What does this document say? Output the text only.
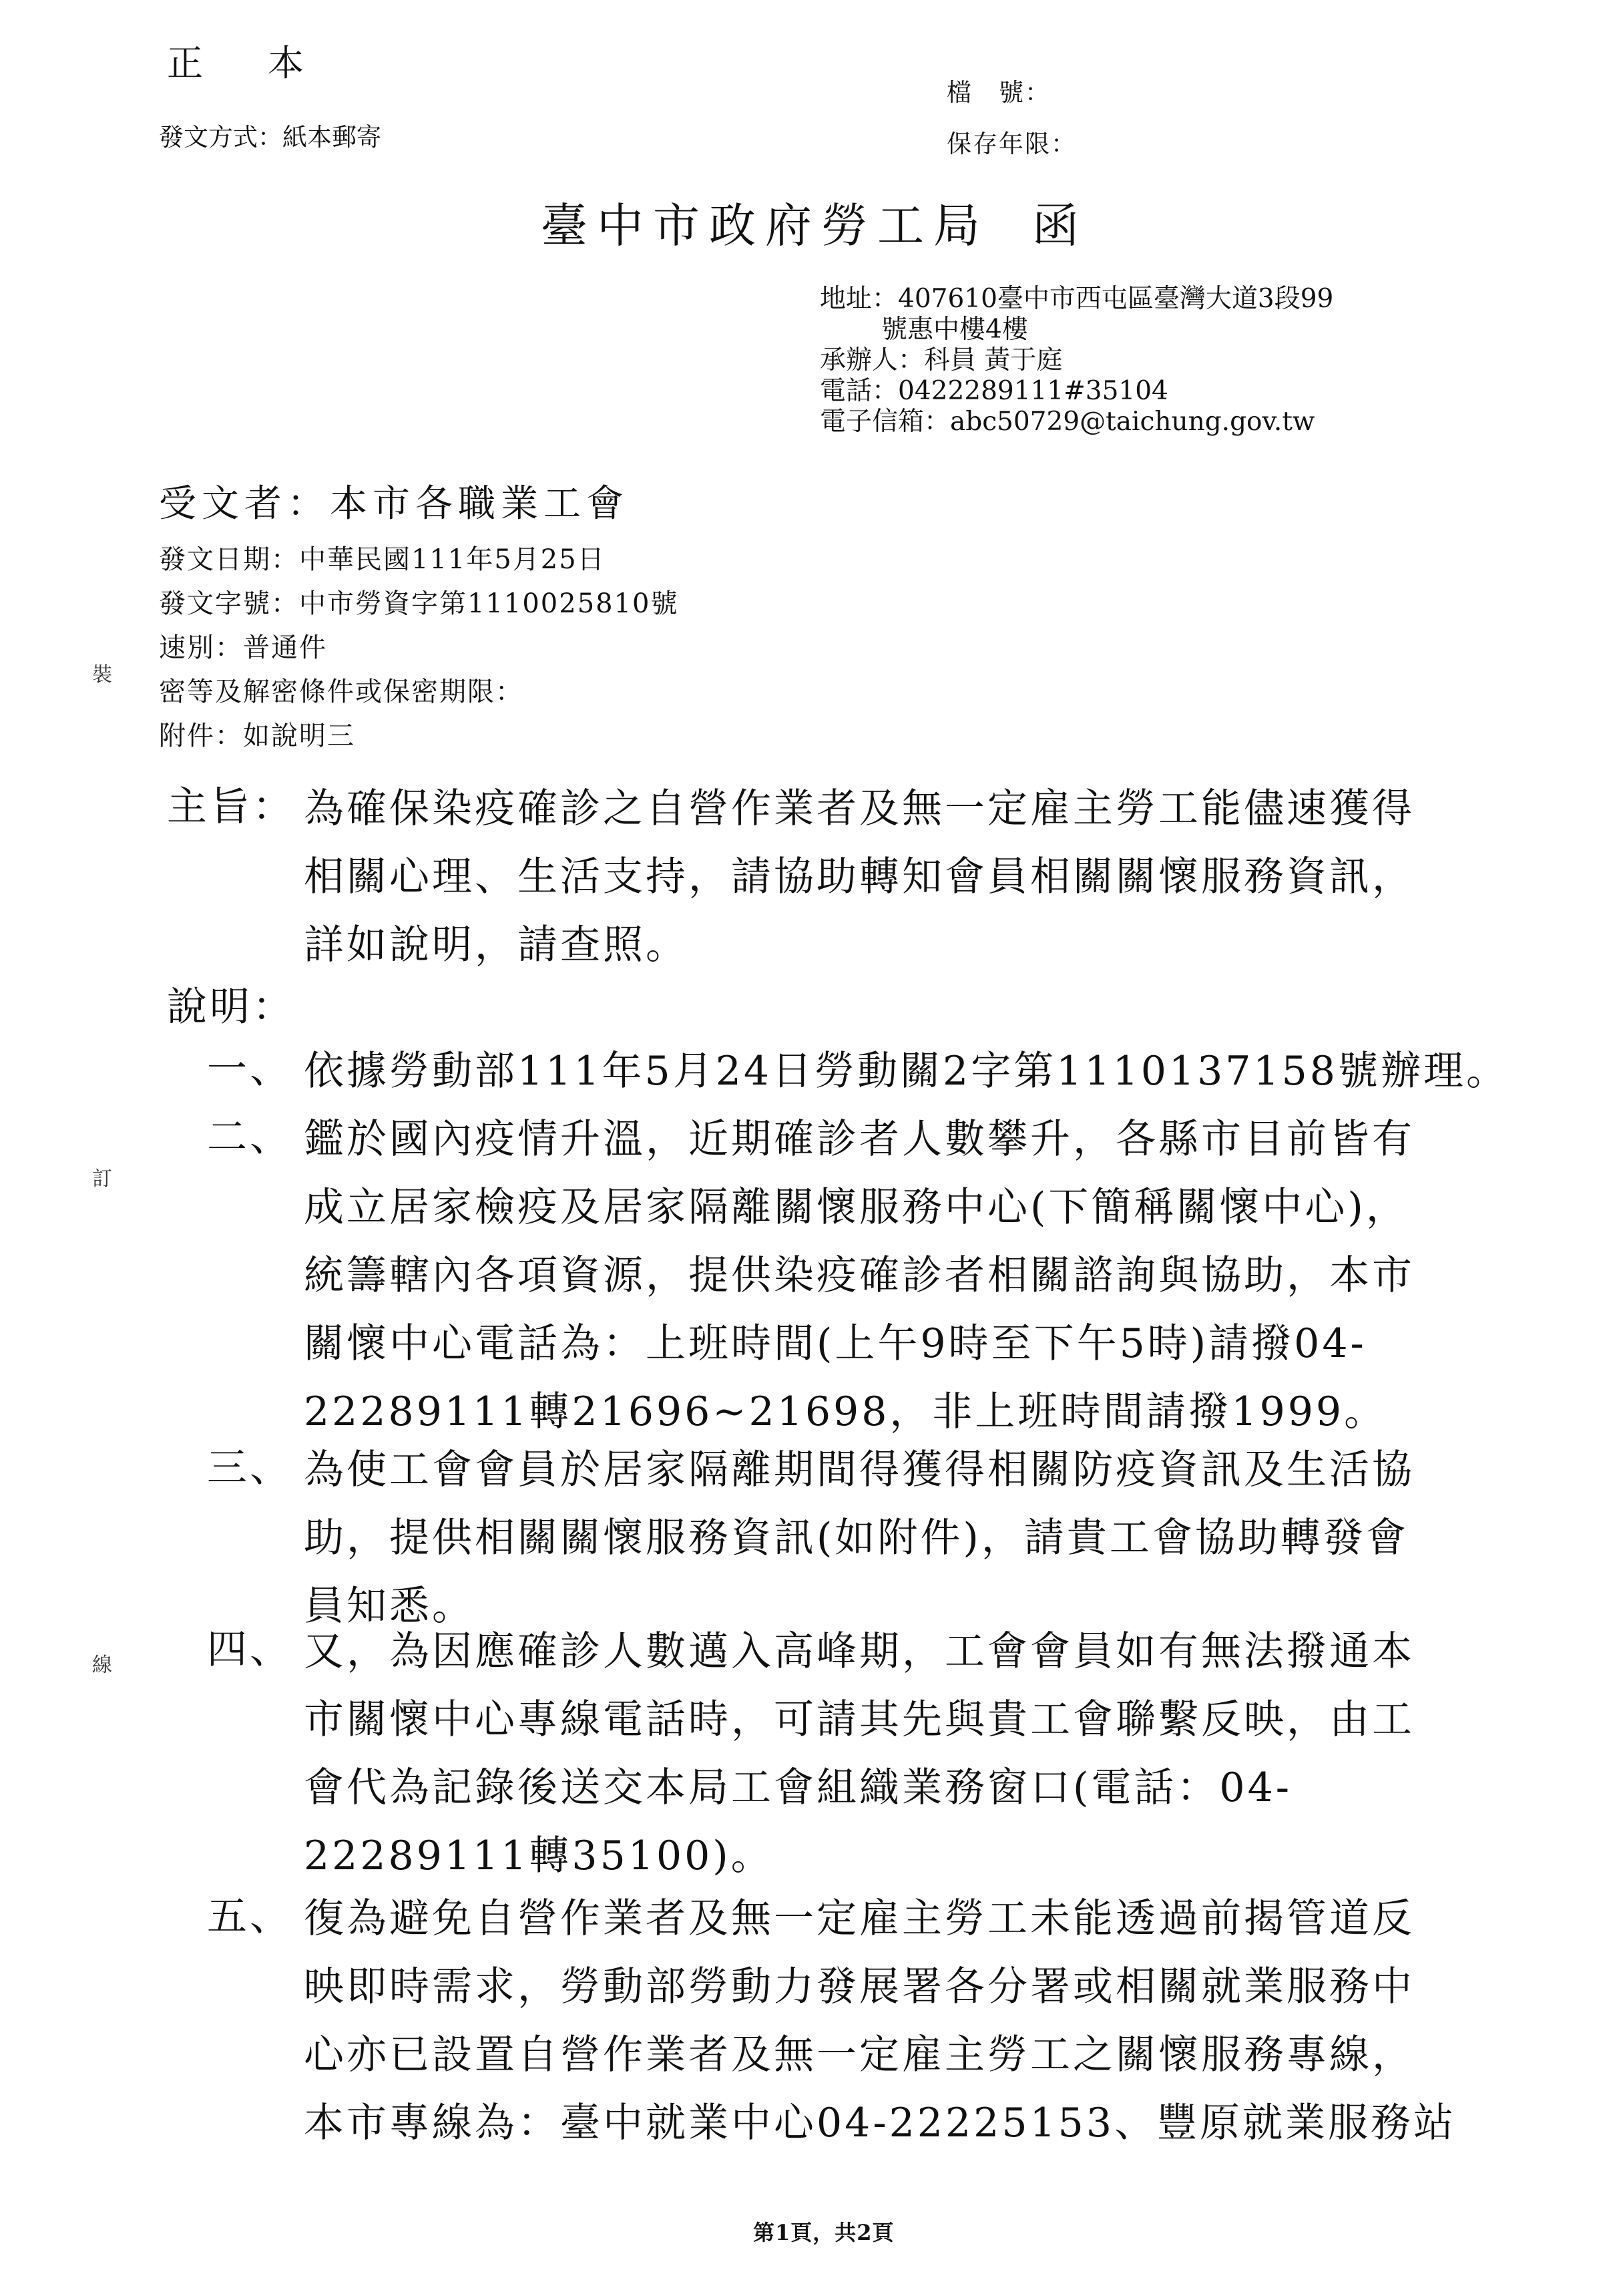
正 本
發文方式：紙本郵寄
檔　號：
保存年限：
臺中市政府勞工局 函
地址：407610臺中市西屯區臺灣大道3段99
號惠中樓4樓
承辦人：科員 黃于庭
電話：0422289111#35104
電子信箱：abc50729@taichung.gov.tw
受文者：本市各職業工會
發文日期：中華民國111年5月25日
發文字號：中市勞資字第1110025810號
速別：普通件
密等及解密條件或保密期限：
附件：如說明三
裝
訂
線
主旨： 為確保染疫確診之自營作業者及無一定雇主勞工能儘速獲得
相關心理、生活支持，請協助轉知會員相關關懷服務資訊，
詳如說明，請查照。
說明：
一、 依據勞動部111年5月24日勞動關2字第1110137158號辦理。
二、 鑑於國內疫情升溫，近期確診者人數攀升，各縣市目前皆有
成立居家檢疫及居家隔離關懷服務中心(下簡稱關懷中心)，
統籌轄內各項資源，提供染疫確診者相關諮詢與協助，本市
關懷中心電話為：上班時間(上午9時至下午5時)請撥04-
22289111轉21696~21698，非上班時間請撥1999。
三、 為使工會會員於居家隔離期間得獲得相關防疫資訊及生活協
助，提供相關關懷服務資訊(如附件)，請貴工會協助轉發會
員知悉。
四、 又，為因應確診人數邁入高峰期，工會會員如有無法撥通本
市關懷中心專線電話時，可請其先與貴工會聯繫反映，由工
會代為記錄後送交本局工會組織業務窗口(電話：04-
22289111轉35100)。
五、 復為避免自營作業者及無一定雇主勞工未能透過前揭管道反
映即時需求，勞動部勞動力發展署各分署或相關就業服務中
心亦已設置自營作業者及無一定雇主勞工之關懷服務專線，
本市專線為：臺中就業中心04-22225153、豐原就業服務站
第1頁，共2頁
